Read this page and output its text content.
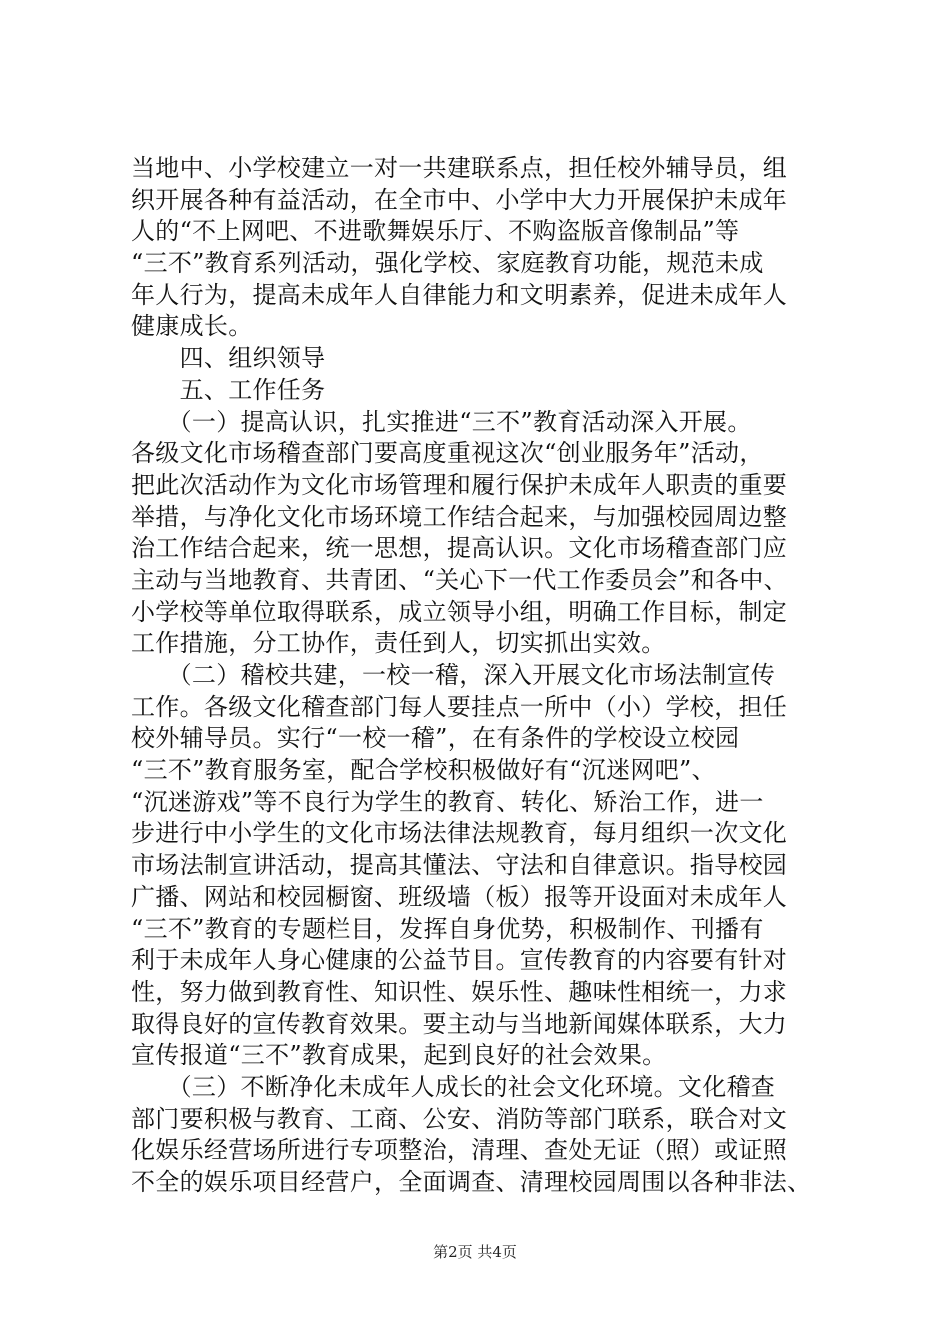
当地中、小学校建立一对一共建联系点，担任校外辅导员，组
织开展各种有益活动，在全市中、小学中大力开展保护未成年
人的“不上网吧、不进歌舞娱乐厅、不购盗版音像制品”等
“三不”教育系列活动，强化学校、家庭教育功能，规范未成
年人行为，提高未成年人自律能力和文明素养，促进未成年人
健康成长。
　　四、组织领导
　　五、工作任务
　　（一）提高认识，扎实推进“三不”教育活动深入开展。
各级文化市场稽查部门要高度重视这次“创业服务年”活动，
把此次活动作为文化市场管理和履行保护未成年人职责的重要
举措，与净化文化市场环境工作结合起来，与加强校园周边整
治工作结合起来，统一思想，提高认识。文化市场稽查部门应
主动与当地教育、共青团、“关心下一代工作委员会”和各中、
小学校等单位取得联系，成立领导小组，明确工作目标，制定
工作措施，分工协作，责任到人，切实抓出实效。
　　（二）稽校共建，一校一稽，深入开展文化市场法制宣传
工作。各级文化稽查部门每人要挂点一所中（小）学校，担任
校外辅导员。实行“一校一稽”，在有条件的学校设立校园
“三不”教育服务室，配合学校积极做好有“沉迷网吧”、
“沉迷游戏”等不良行为学生的教育、转化、矫治工作，进一
步进行中小学生的文化市场法律法规教育，每月组织一次文化
市场法制宣讲活动，提高其懂法、守法和自律意识。指导校园
广播、网站和校园橱窗、班级墙（板）报等开设面对未成年人
“三不”教育的专题栏目，发挥自身优势，积极制作、刊播有
利于未成年人身心健康的公益节目。宣传教育的内容要有针对
性，努力做到教育性、知识性、娱乐性、趣味性相统一，力求
取得良好的宣传教育效果。要主动与当地新闻媒体联系，大力
宣传报道“三不”教育成果，起到良好的社会效果。
　　（三）不断净化未成年人成长的社会文化环境。文化稽查
部门要积极与教育、工商、公安、消防等部门联系，联合对文
化娱乐经营场所进行专项整治，清理、查处无证（照）或证照
不全的娱乐项目经营户，全面调查、清理校园周围以各种非法、
第2页 共4页
